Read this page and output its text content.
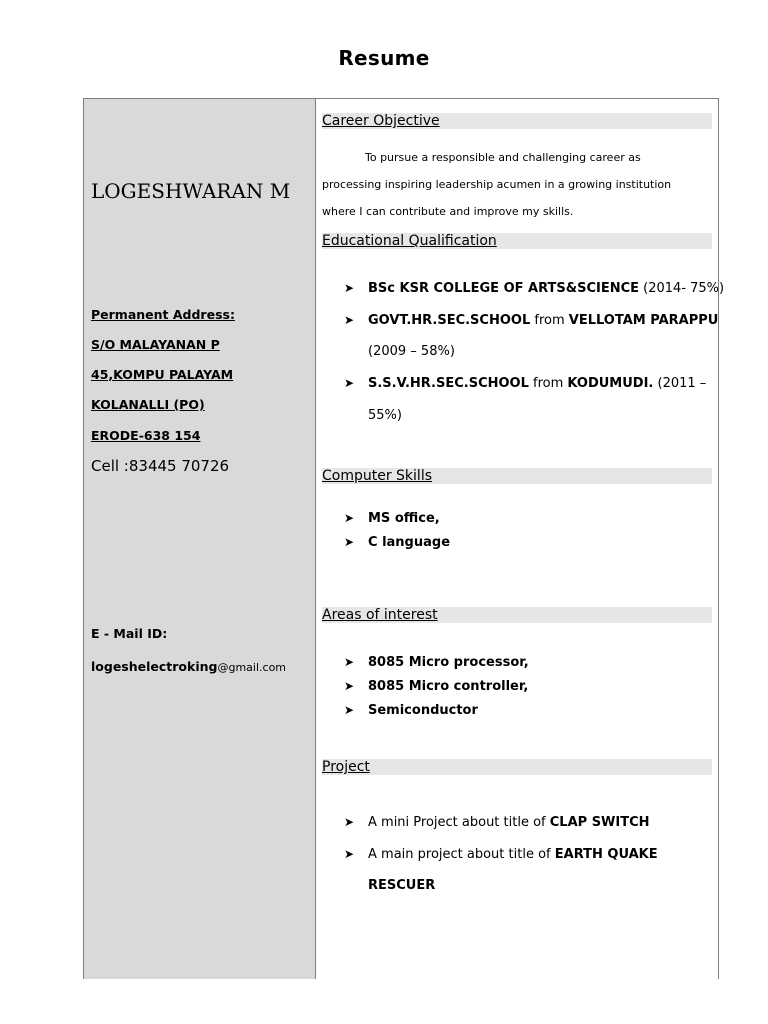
Resume
LOGESHWARAN M
Permanent Address:
S/O MALAYANAN P
45,KOMPU PALAYAM
KOLANALLI (PO)
ERODE-638 154
Cell :83445 70726
E - Mail ID:
logeshelectroking@gmail.com
Career Objective
To pursue a responsible and challenging career as
processing inspiring leadership acumen in a growing institution
where I can contribute and improve my skills.
Educational Qualification
➤ BSc KSR COLLEGE OF ARTS&SCIENCE (2014- 75%)
➤ GOVT.HR.SEC.SCHOOL from VELLOTAM PARAPPU
(2009 – 58%)
➤ S.S.V.HR.SEC.SCHOOL from KODUMUDI. (2011 –
55%)
Computer Skills
➤ MS office,
➤ C language
Areas of interest
➤ 8085 Micro processor,
➤ 8085 Micro controller,
➤ Semiconductor
Project
➤ A mini Project about title of CLAP SWITCH
➤ A main project about title of EARTH QUAKE
RESCUER
